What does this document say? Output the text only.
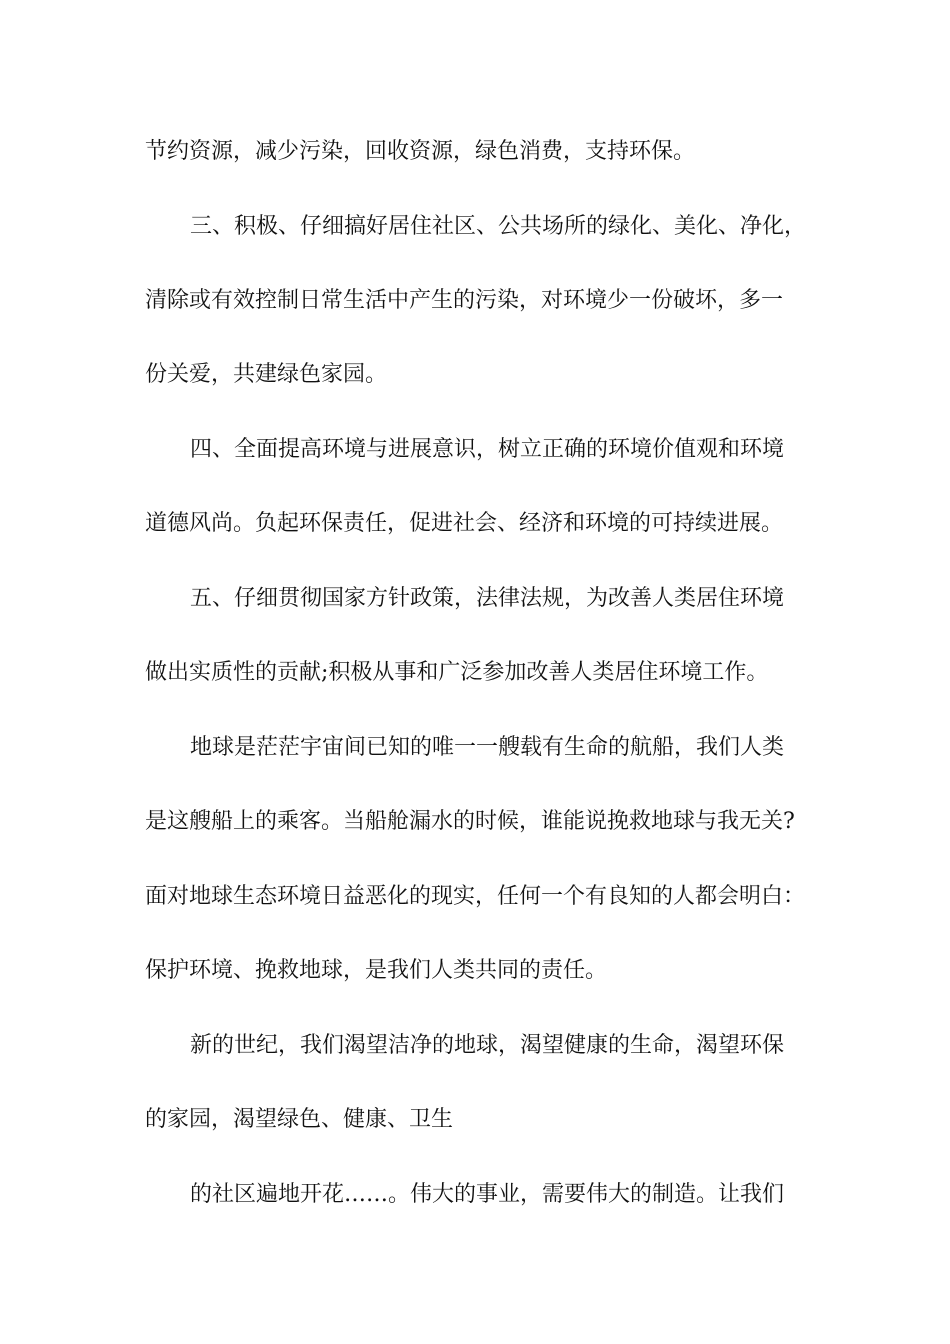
节约资源，减少污染，回收资源，绿色消费，支持环保。

三、积极、仔细搞好居住社区、公共场所的绿化、美化、净化，

清除或有效控制日常生活中产生的污染，对环境少一份破坏，多一

份关爱，共建绿色家园。

四、全面提高环境与进展意识，树立正确的环境价值观和环境

道德风尚。负起环保责任，促进社会、经济和环境的可持续进展。

五、仔细贯彻国家方针政策，法律法规，为改善人类居住环境

做出实质性的贡献;积极从事和广泛参加改善人类居住环境工作。

地球是茫茫宇宙间已知的唯一一艘载有生命的航船，我们人类

是这艘船上的乘客。当船舱漏水的时候，谁能说挽救地球与我无关?

面对地球生态环境日益恶化的现实，任何一个有良知的人都会明白：

保护环境、挽救地球，是我们人类共同的责任。

新的世纪，我们渴望洁净的地球，渴望健康的生命，渴望环保

的家园，渴望绿色、健康、卫生

的社区遍地开花……。伟大的事业，需要伟大的制造。让我们
